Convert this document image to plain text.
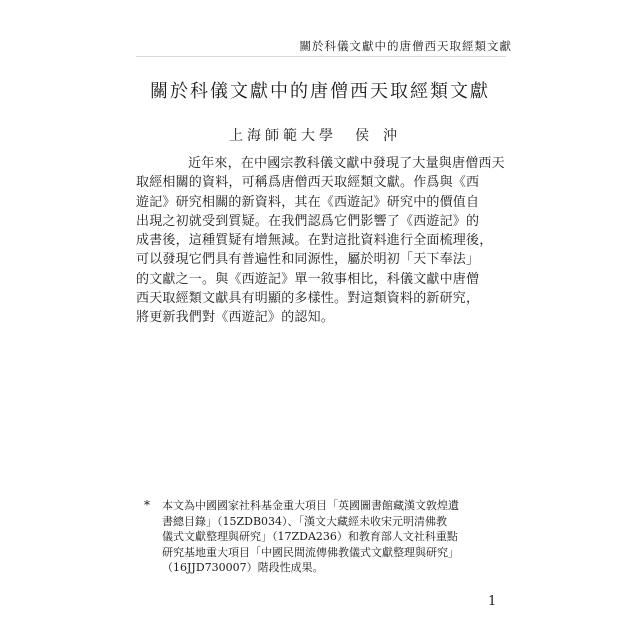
關於科儀文獻中的唐僧西天取經類文獻
關於科儀文獻中的唐僧西天取經類文獻
上海師範大學 侯沖
近年來，在中國宗教科儀文獻中發現了大量與唐僧西天
取經相關的資料，可稱爲唐僧西天取經類文獻。作爲與《西
遊記》研究相關的新資料，其在《西遊記》研究中的價值自
出現之初就受到質疑。在我們認爲它們影響了《西遊記》的
成書後，這種質疑有增無減。在對這批資料進行全面梳理後，
可以發現它們具有普遍性和同源性，屬於明初「天下奉法」
的文獻之一。與《西遊記》單一敘事相比，科儀文獻中唐僧
西天取經類文獻具有明顯的多樣性。對這類資料的新研究，
將更新我們對《西遊記》的認知。
* 本文為中國國家社科基金重大項目「英國圖書館藏漢文敦煌遺
書總目錄」（15ZDB034）、「漢文大藏經未收宋元明清佛教
儀式文獻整理與研究」（17ZDA236）和教育部人文社科重點
研究基地重大項目「中國民間流傳佛教儀式文獻整理與研究」
（16JJD730007）階段性成果。
1
